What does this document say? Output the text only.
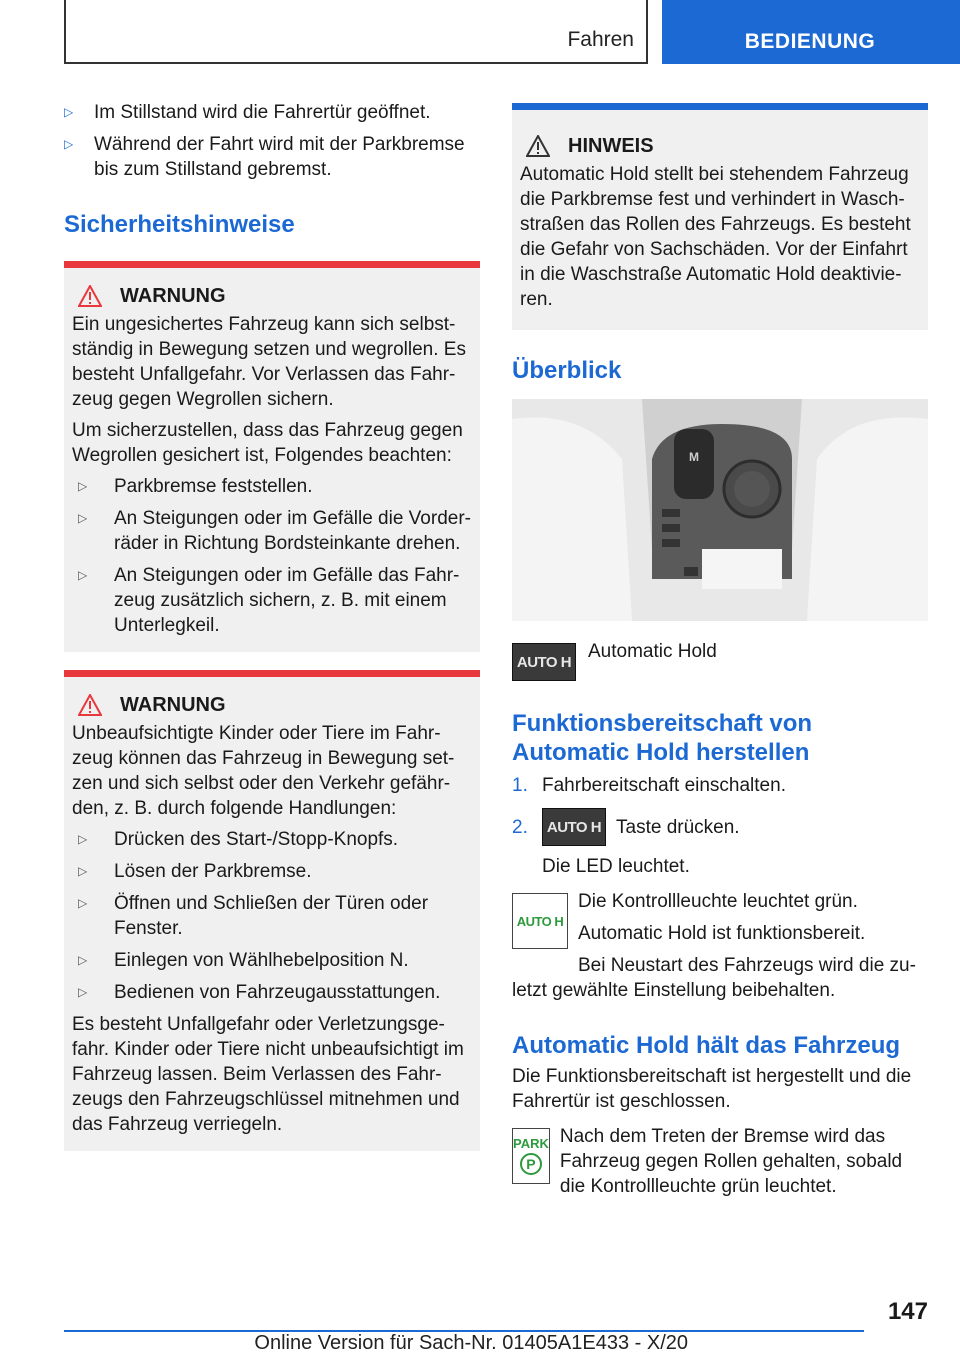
Fahren	BEDIENUNG
▷	Im Stillstand wird die Fahrertür geöffnet.
▷	Während der Fahrt wird mit der Parkbremse bis zum Stillstand gebremst.
Sicherheitshinweise
WARNUNG
Ein ungesichertes Fahrzeug kann sich selbst-ständig in Bewegung setzen und wegrollen. Es besteht Unfallgefahr. Vor Verlassen das Fahr-zeug gegen Wegrollen sichern.
Um sicherzustellen, dass das Fahrzeug gegen Wegrollen gesichert ist, Folgendes beachten:
▷	Parkbremse feststellen.
▷	An Steigungen oder im Gefälle die Vorder-räder in Richtung Bordsteinkante drehen.
▷	An Steigungen oder im Gefälle das Fahr-zeug zusätzlich sichern, z. B. mit einem Unterlegkeil.
WARNUNG
Unbeaufsichtigte Kinder oder Tiere im Fahr-zeug können das Fahrzeug in Bewegung set-zen und sich selbst oder den Verkehr gefähr-den, z. B. durch folgende Handlungen:
▷	Drücken des Start-/Stopp-Knopfs.
▷	Lösen der Parkbremse.
▷	Öffnen und Schließen der Türen oder Fenster.
▷	Einlegen von Wählhebelposition N.
▷	Bedienen von Fahrzeugausstattungen.
Es besteht Unfallgefahr oder Verletzungsge-fahr. Kinder oder Tiere nicht unbeaufsichtigt im Fahrzeug lassen. Beim Verlassen des Fahr-zeugs den Fahrzeugschlüssel mitnehmen und das Fahrzeug verriegeln.
HINWEIS
Automatic Hold stellt bei stehendem Fahrzeug die Parkbremse fest und verhindert in Wasch-straßen das Rollen des Fahrzeugs. Es besteht die Gefahr von Sachschäden. Vor der Einfahrt in die Waschstraße Automatic Hold deaktivie-ren.
Überblick
M
AUTO H Automatic Hold
Funktionsbereitschaft von Automatic Hold herstellen
1. Fahrbereitschaft einschalten.
2.	AUTO H Taste drücken.
Die LED leuchtet.
AUTO H
Die Kontrollleuchte leuchtet grün.
Automatic Hold ist funktionsbereit.
Bei Neustart des Fahrzeugs wird die zu-
letzt gewählte Einstellung beibehalten.
Automatic Hold hält das Fahrzeug
Die Funktionsbereitschaft ist hergestellt und die Fahrertür ist geschlossen.
PARK
P
Nach dem Treten der Bremse wird das Fahrzeug gegen Rollen gehalten, sobald die Kontrollleuchte grün leuchtet.
147
Online Version für Sach-Nr. 01405A1E433 - X/20
